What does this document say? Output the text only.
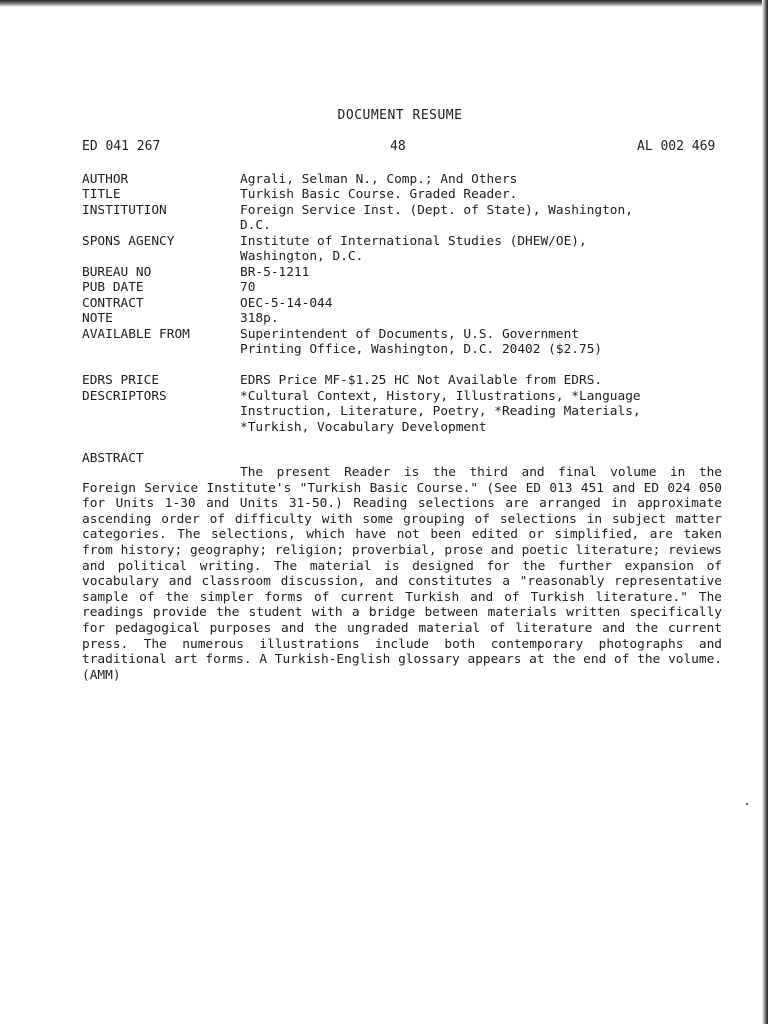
DOCUMENT RESUME
ED 041 267	48	AL 002 469
AUTHOR	Agrali, Selman N., Comp.; And Others
TITLE	Turkish Basic Course. Graded Reader.
INSTITUTION	Foreign Service Inst. (Dept. of State), Washington,
D.C.
SPONS AGENCY	Institute of International Studies (DHEW/OE),
Washington, D.C.
BUREAU NO	BR-5-1211
PUB DATE	70
CONTRACT	OEC-5-14-044
NOTE	318p.
AVAILABLE FROM	Superintendent of Documents, U.S. Government
Printing Office, Washington, D.C. 20402 ($2.75)
EDRS PRICE	EDRS Price MF-$1.25 HC Not Available from EDRS.
DESCRIPTORS	*Cultural Context, History, Illustrations, *Language
Instruction, Literature, Poetry, *Reading Materials,
*Turkish, Vocabulary Development
ABSTRACT
The present Reader is the third and final volume in the Foreign Service Institute's "Turkish Basic Course." (See ED 013 451 and ED 024 050 for Units 1-30 and Units 31-50.) Reading selections are arranged in approximate ascending order of difficulty with some grouping of selections in subject matter categories. The selections, which have not been edited or simplified, are taken from history; geography; religion; proverbial, prose and poetic literature; reviews and political writing. The material is designed for the further expansion of vocabulary and classroom discussion, and constitutes a "reasonably representative sample of the simpler forms of current Turkish and of Turkish literature." The readings provide the student with a bridge between materials written specifically for pedagogical purposes and the ungraded material of literature and the current press. The numerous illustrations include both contemporary photographs and traditional art forms. A Turkish-English glossary appears at the end of the volume. (AMM)
